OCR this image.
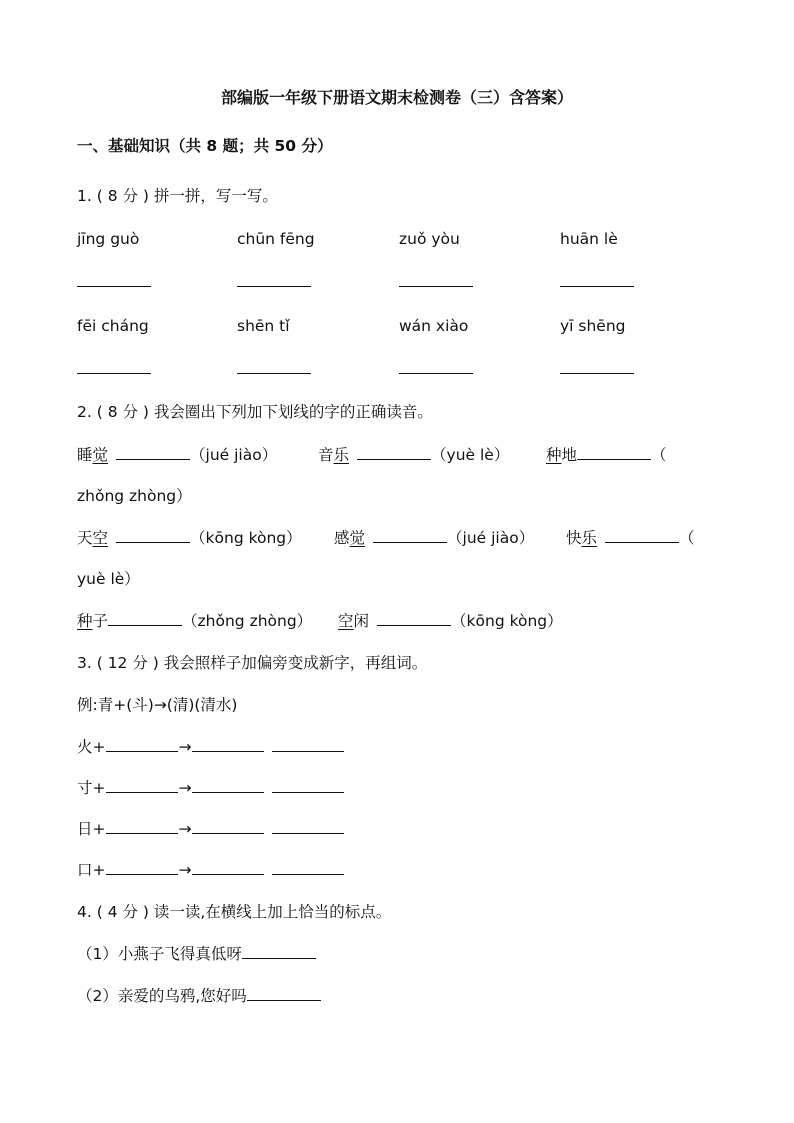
部编版一年级下册语文期末检测卷（三）含答案）
一、基础知识（共 8 题；共 50 分）
1. ( 8 分 ) 拼一拼，写一写。
jīng guò	chūn fēng	zuǒ yòu	huān lè
fēi cháng	shēn tǐ	wán xiào	yī shēng
2. ( 8 分 ) 我会圈出下列加下划线的字的正确读音。
睡觉	（jué jiào）	音乐	（yuè lè） 种地	（
zhǒng zhòng）
天空	（kōng kòng） 感觉	（jué jiào） 快乐	（
yuè lè）
种子	（zhǒng zhòng） 空闲	（kōng kòng）
3. ( 12 分 ) 我会照样子加偏旁变成新字，再组词。
例:青+(斗)→(清)(清水)
火+	→
寸+	→
日+	→
口+	→
4. ( 4 分 ) 读一读,在横线上加上恰当的标点。
（1）小燕子飞得真低呀
（2）亲爱的乌鸦,您好吗
